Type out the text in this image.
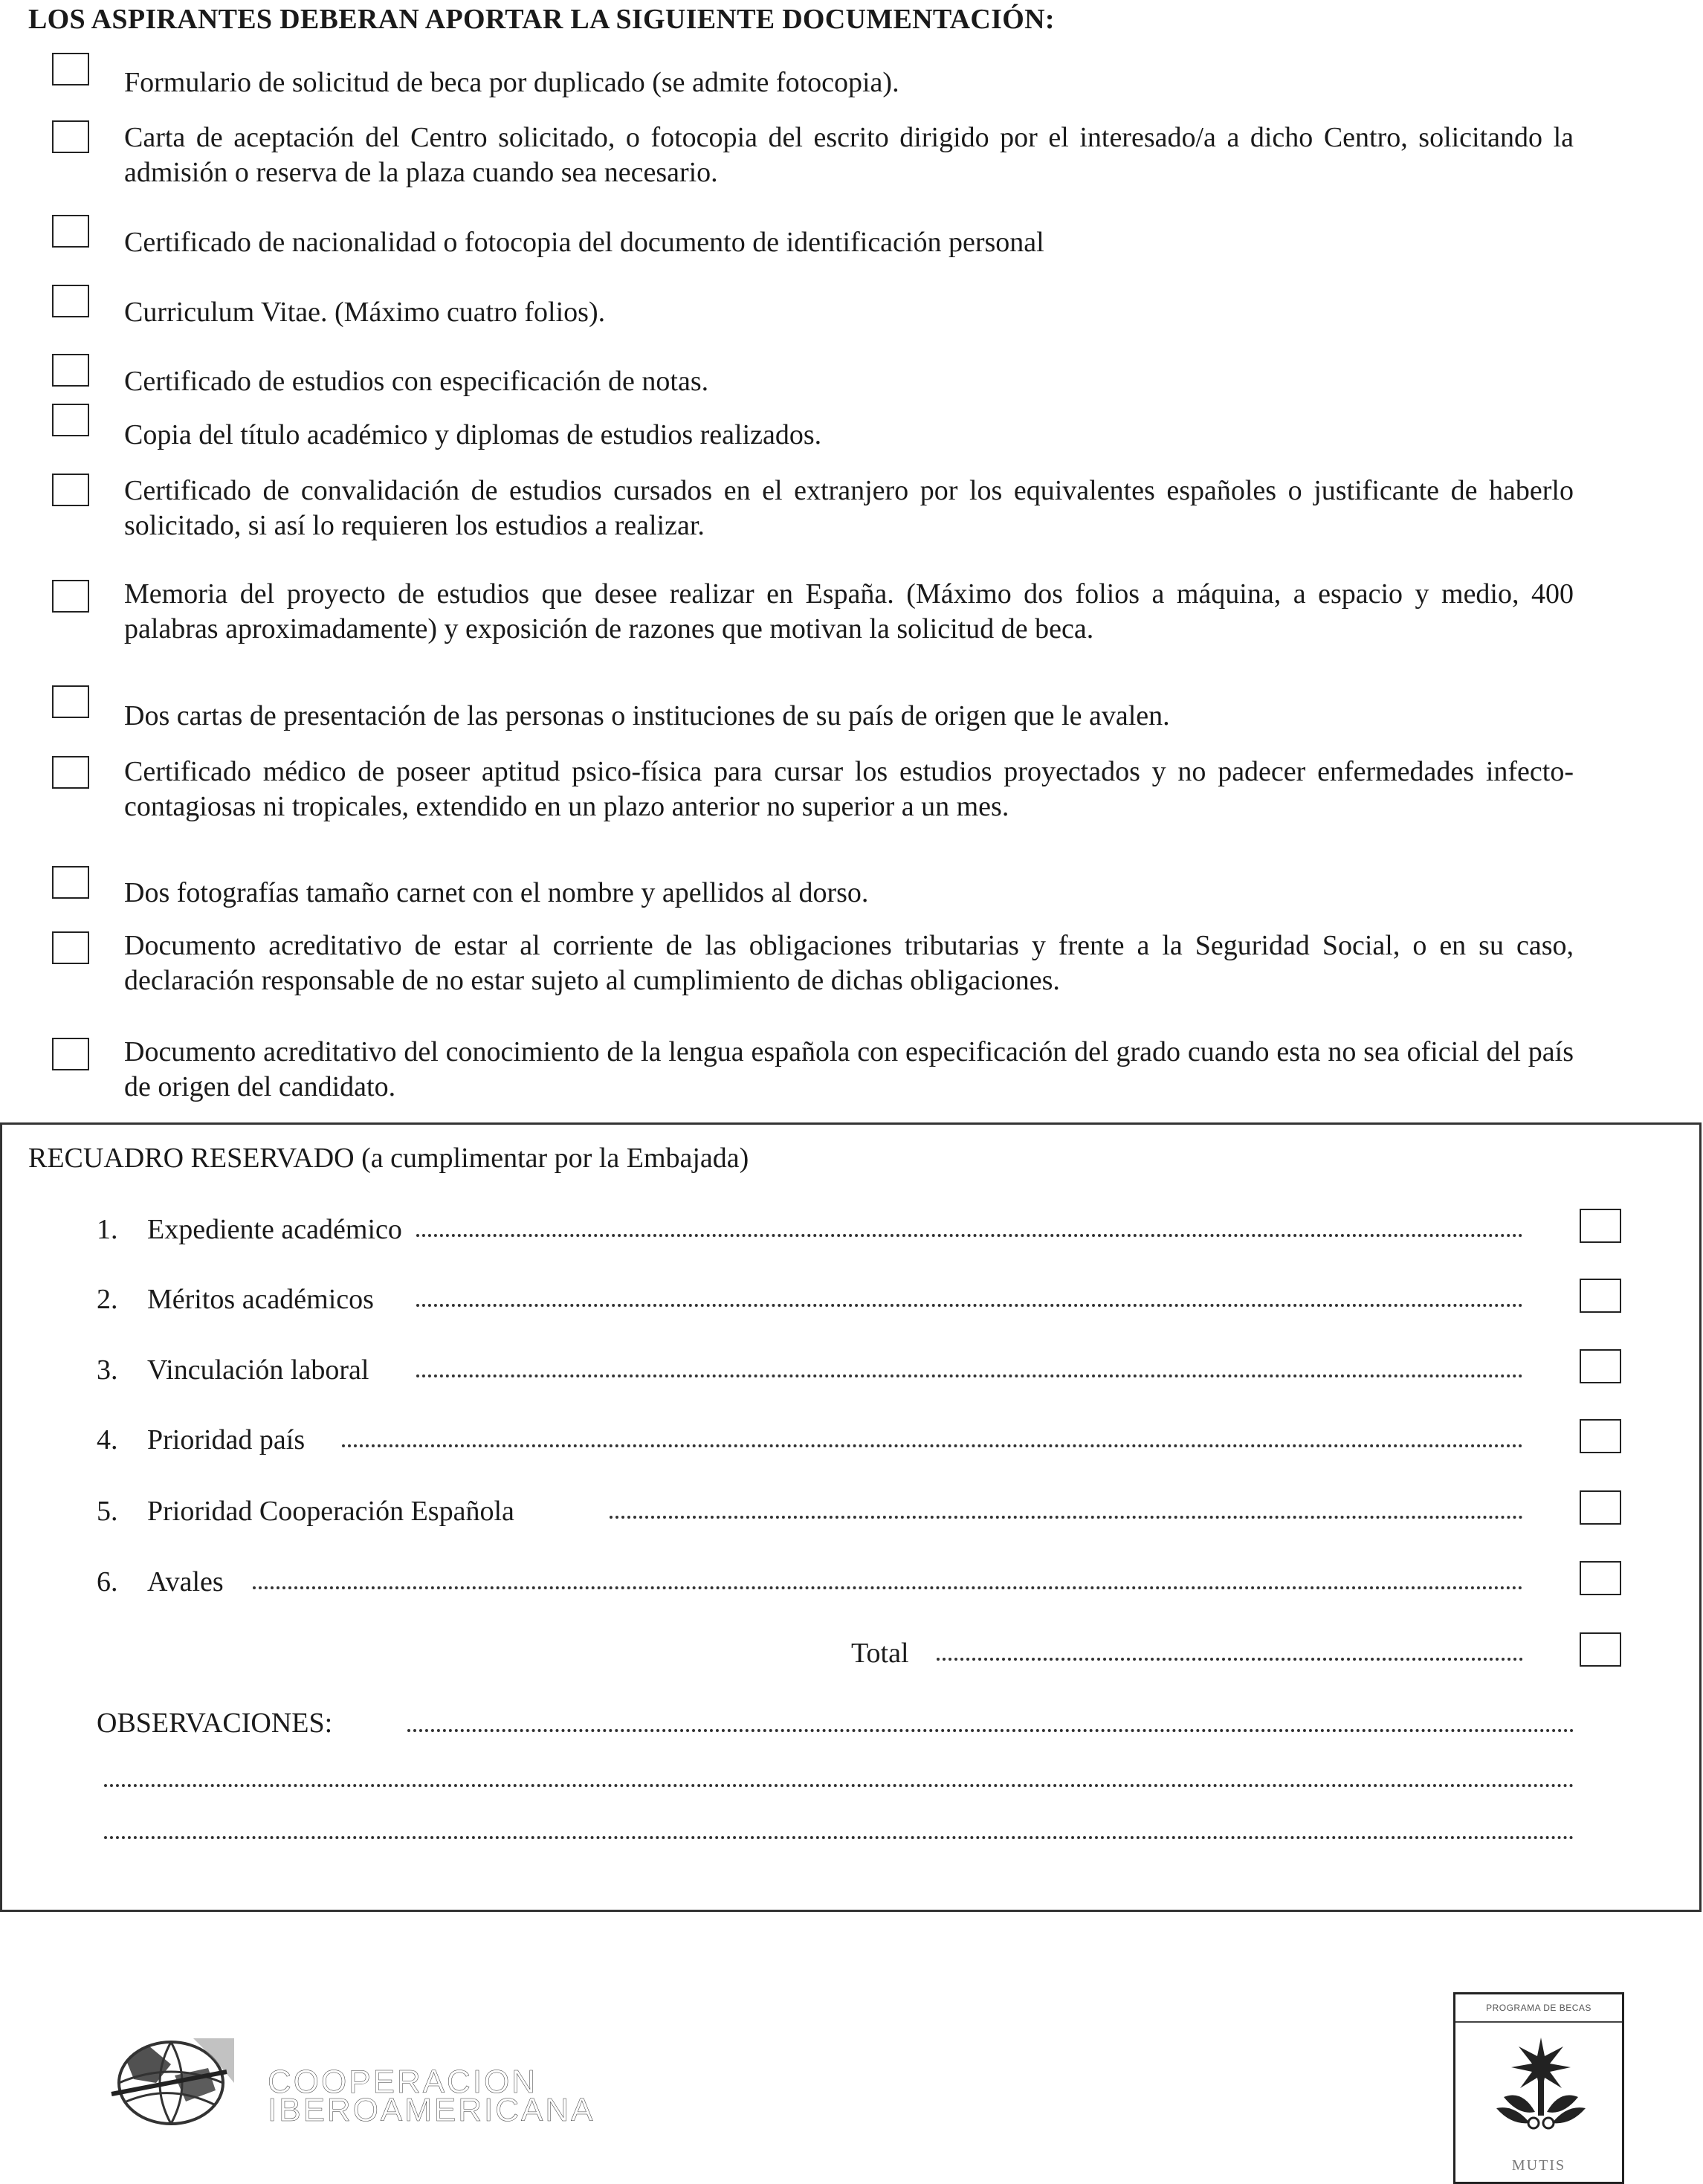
LOS ASPIRANTES DEBERAN APORTAR LA SIGUIENTE DOCUMENTACIÓN:
Formulario de solicitud de beca por duplicado (se admite fotocopia).
Carta de aceptación del Centro solicitado, o fotocopia del escrito dirigido por el interesado/a a dicho Centro, solicitando la admisión o reserva de la plaza cuando sea necesario.
Certificado de nacionalidad o fotocopia del documento de identificación personal
Curriculum Vitae. (Máximo cuatro folios).
Certificado de estudios con especificación de notas.
Copia del título académico y diplomas de estudios realizados.
Certificado de convalidación de estudios cursados en el extranjero por los equivalentes españoles o justificante de haberlo solicitado, si así lo requieren los estudios a realizar.
Memoria del proyecto de estudios que desee realizar en España. (Máximo dos folios a máquina, a espacio y medio, 400 palabras aproximadamente) y exposición de razones que motivan la solicitud de beca.
Dos cartas de presentación de las personas o instituciones de su país de origen que le avalen.
Certificado médico de poseer aptitud psico-física para cursar los estudios proyectados y no padecer enfermedades infecto-contagiosas ni tropicales, extendido en un plazo anterior no superior a un mes.
Dos fotografías tamaño carnet con el nombre y apellidos al dorso.
Documento acreditativo de estar al corriente de las obligaciones tributarias y frente a la Seguridad Social, o en su caso, declaración responsable de no estar sujeto al cumplimiento de dichas obligaciones.
Documento acreditativo del conocimiento de la lengua española con especificación del grado cuando esta no sea oficial del país de origen del candidato.
RECUADRO RESERVADO (a cumplimentar por la Embajada)
1. Expediente académico
2. Méritos académicos
3. Vinculación laboral
4. Prioridad país
5. Prioridad Cooperación Española
6. Avales
Total
OBSERVACIONES:
COOPERACION
IBEROAMERICANA
PROGRAMA DE BECAS
MUTIS
